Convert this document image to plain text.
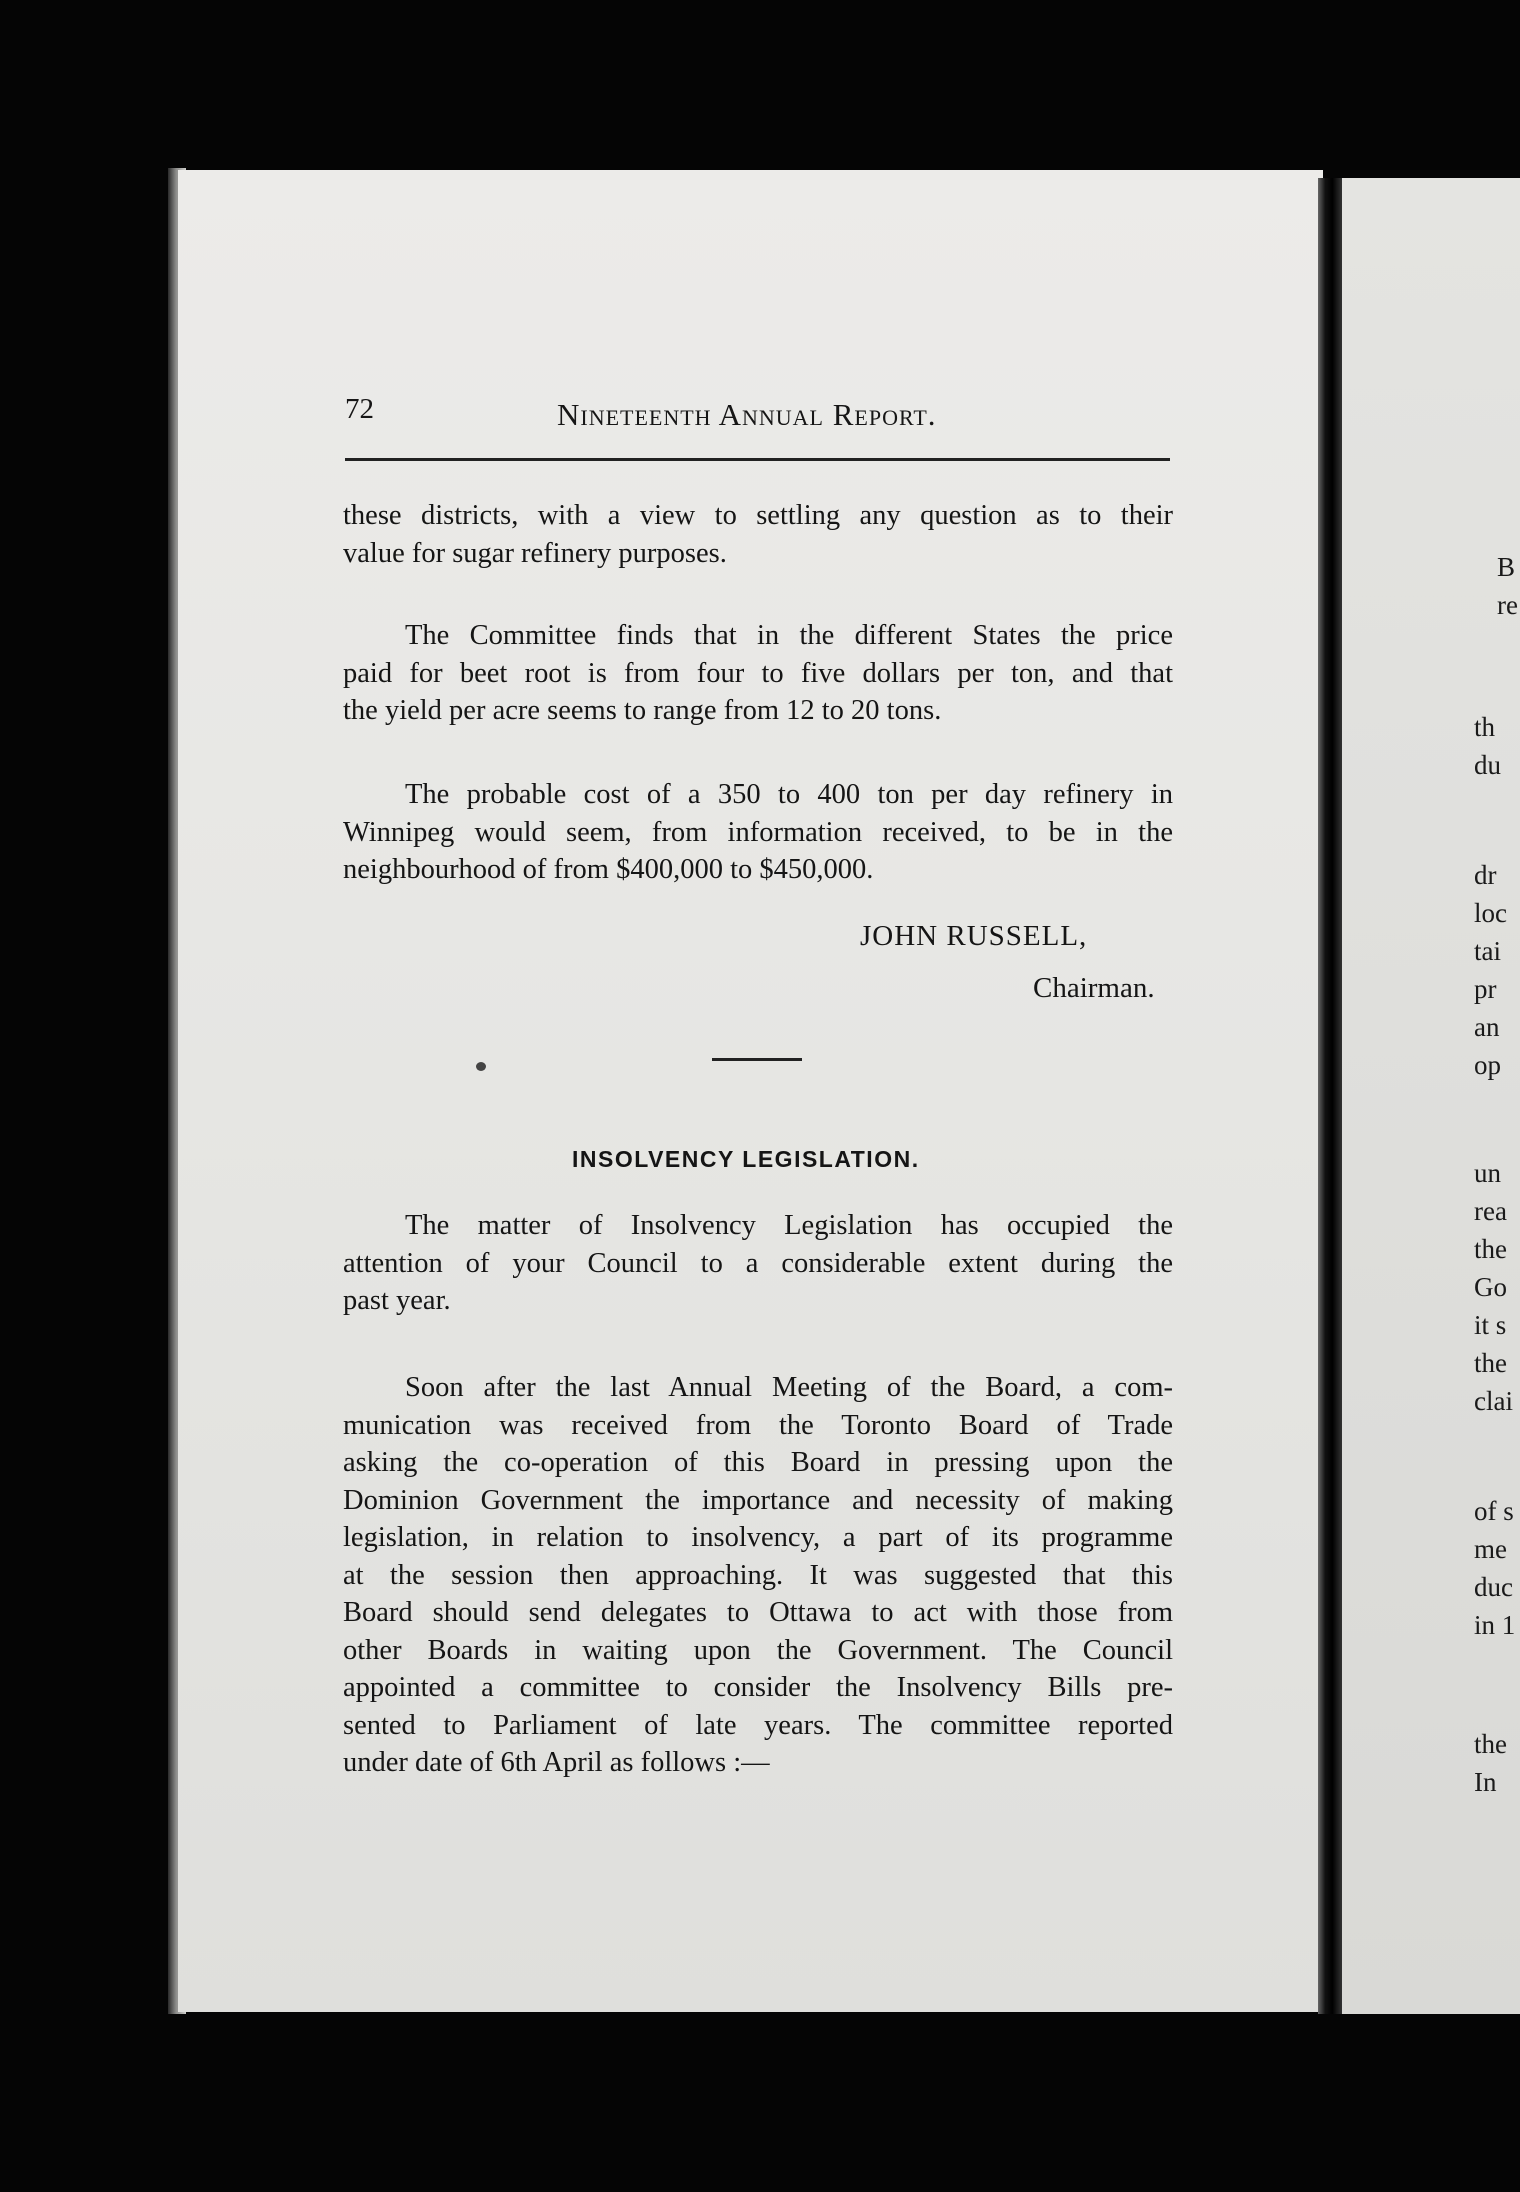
B
re
th
du
dr
loc
tai
pr
an
op
un
rea
the
Go
it s
the
clai
of s
me
duc
in 1
the
In
72	Nineteenth Annual Report.
these districts, with a view to settling any question as to their
value for sugar refinery purposes.
The Committee finds that in the different States the price
paid for beet root is from four to five dollars per ton, and that
the yield per acre seems to range from 12 to 20 tons.
The probable cost of a 350 to 400 ton per day refinery in
Winnipeg would seem, from information received, to be in the
neighbourhood of from $400,000 to $450,000.
JOHN RUSSELL,
Chairman.
INSOLVENCY LEGISLATION.
The matter of Insolvency Legislation has occupied the
attention of your Council to a considerable extent during the
past year.
Soon after the last Annual Meeting of the Board, a com-
munication was received from the Toronto Board of Trade
asking the co-operation of this Board in pressing upon the
Dominion Government the importance and necessity of making
legislation, in relation to insolvency, a part of its programme
at the session then approaching. It was suggested that this
Board should send delegates to Ottawa to act with those from
other Boards in waiting upon the Government. The Council
appointed a committee to consider the Insolvency Bills pre-
sented to Parliament of late years. The committee reported
under date of 6th April as follows :—
